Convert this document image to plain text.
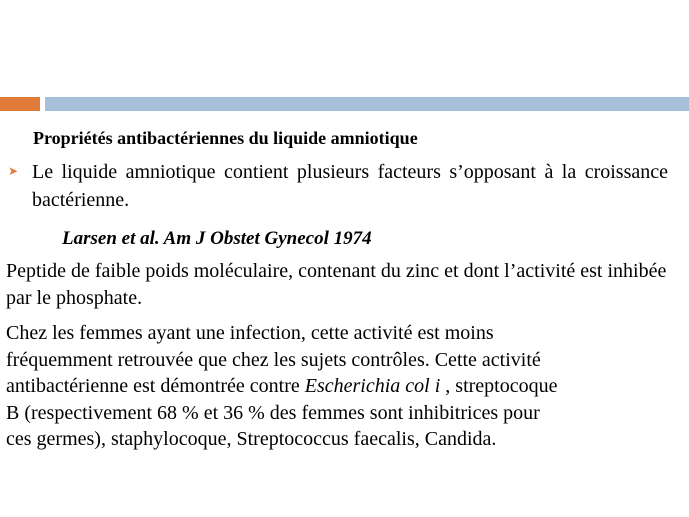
Propriétés antibactériennes du liquide amniotique
➤ Le liquide amniotique contient plusieurs facteurs s’opposant à la croissance bactérienne.
Larsen et al. Am J Obstet Gynecol 1974
Peptide de faible poids moléculaire, contenant du zinc et dont l’activité est inhibée par le phosphate.
Chez les femmes ayant une infection, cette activité est moins
fréquemment retrouvée que chez les sujets contrôles. Cette activité
antibactérienne est démontrée contre Escherichia col i , streptocoque
B (respectivement 68 % et 36 % des femmes sont inhibitrices pour
ces germes), staphylocoque, Streptococcus faecalis, Candida.
